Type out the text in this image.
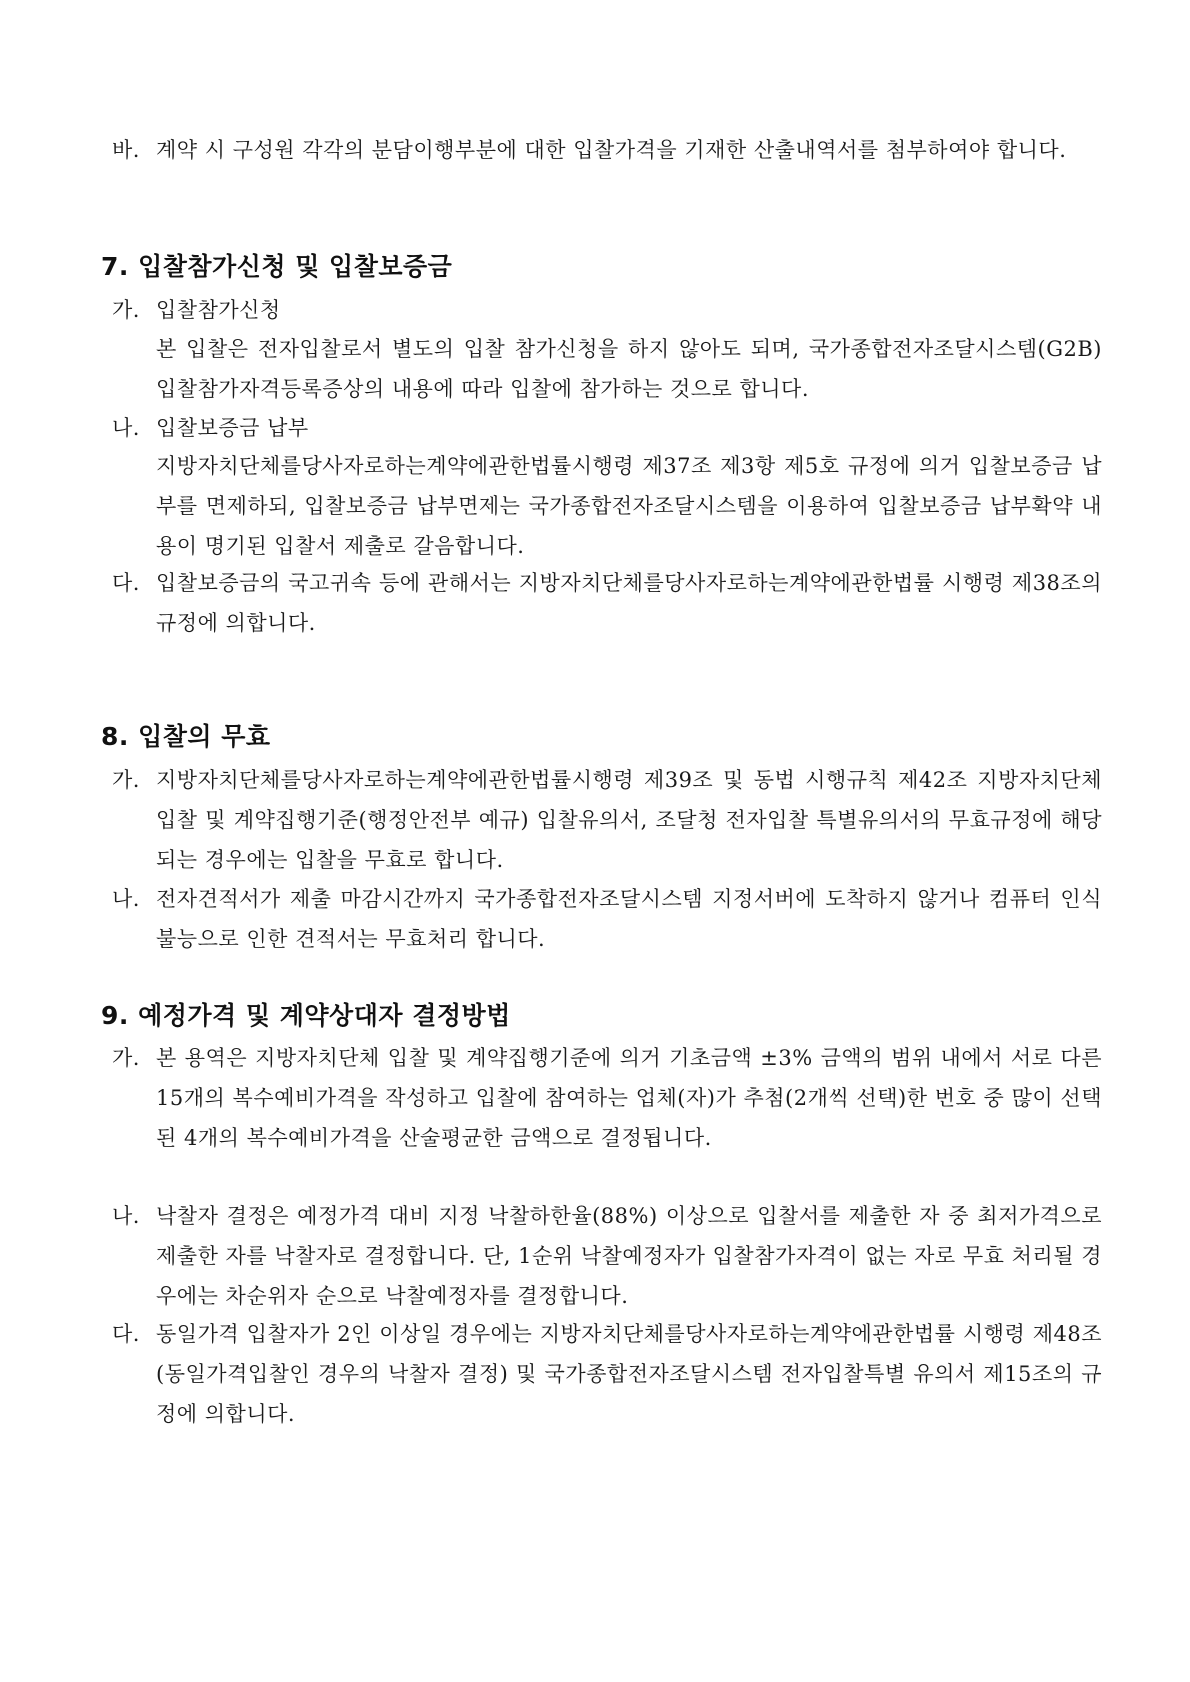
바. 계약 시 구성원 각각의 분담이행부분에 대한 입찰가격을 기재한 산출내역서를 첨부하여야 합니다.
7. 입찰참가신청 및 입찰보증금
가. 입찰참가신청
본 입찰은 전자입찰로서 별도의 입찰 참가신청을 하지 않아도 되며, 국가종합전자조달시스템(G2B) 입찰참가자격등록증상의 내용에 따라 입찰에 참가하는 것으로 합니다.
나. 입찰보증금 납부
지방자치단체를당사자로하는계약에관한법률시행령 제37조 제3항 제5호 규정에 의거 입찰보증금 납부를 면제하되, 입찰보증금 납부면제는 국가종합전자조달시스템을 이용하여 입찰보증금 납부확약 내용이 명기된 입찰서 제출로 갈음합니다.
다. 입찰보증금의 국고귀속 등에 관해서는 지방자치단체를당사자로하는계약에관한법률 시행령 제38조의 규정에 의합니다.
8. 입찰의 무효
가. 지방자치단체를당사자로하는계약에관한법률시행령 제39조 및 동법 시행규칙 제42조 지방자치단체 입찰 및 계약집행기준(행정안전부 예규) 입찰유의서, 조달청 전자입찰 특별유의서의 무효규정에 해당되는 경우에는 입찰을 무효로 합니다.
나. 전자견적서가 제출 마감시간까지 국가종합전자조달시스템 지정서버에 도착하지 않거나 컴퓨터 인식불능으로 인한 견적서는 무효처리 합니다.
9. 예정가격 및 계약상대자 결정방법
가. 본 용역은 지방자치단체 입찰 및 계약집행기준에 의거 기초금액 ±3% 금액의 범위 내에서 서로 다른 15개의 복수예비가격을 작성하고 입찰에 참여하는 업체(자)가 추첨(2개씩 선택)한 번호 중 많이 선택된 4개의 복수예비가격을 산술평균한 금액으로 결정됩니다.
나. 낙찰자 결정은 예정가격 대비 지정 낙찰하한율(88%) 이상으로 입찰서를 제출한 자 중 최저가격으로 제출한 자를 낙찰자로 결정합니다. 단, 1순위 낙찰예정자가 입찰참가자격이 없는 자로 무효 처리될 경우에는 차순위자 순으로 낙찰예정자를 결정합니다.
다. 동일가격 입찰자가 2인 이상일 경우에는 지방자치단체를당사자로하는계약에관한법률 시행령 제48조(동일가격입찰인 경우의 낙찰자 결정) 및 국가종합전자조달시스템 전자입찰특별 유의서 제15조의 규정에 의합니다.
